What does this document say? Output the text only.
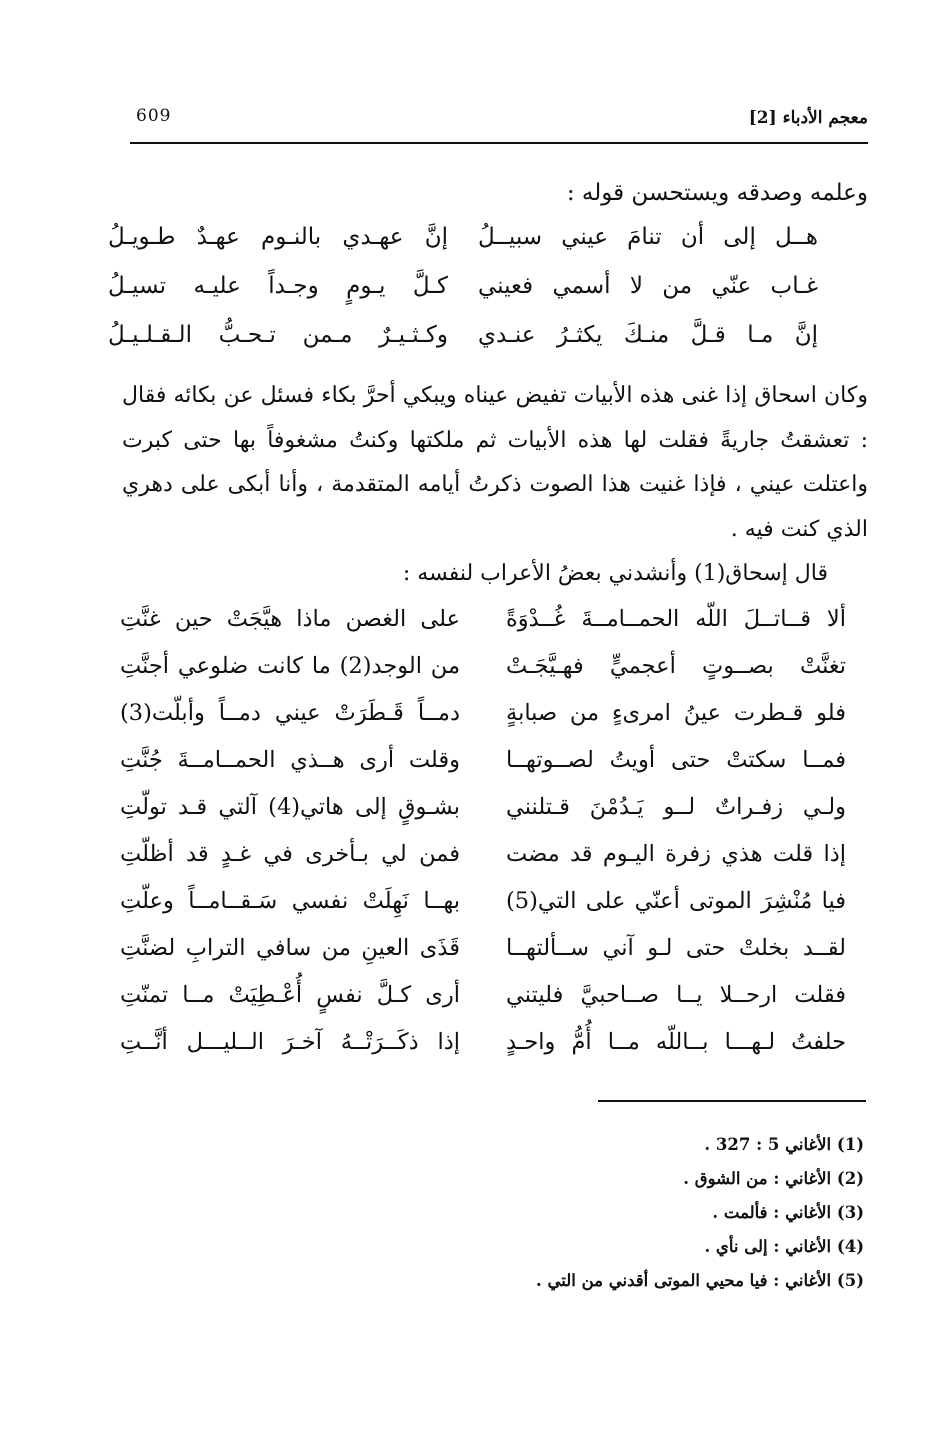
معجم الأدباء [2]
609
وعلمه وصدقه ويستحسن قوله :
هــل إلى أن تنامَ عيني سبيــلُ
إنَّ عهـدي بالنـوم عهـدٌ طـويـلُ
غـاب عنّي من لا أسمي فعيني
كـلَّ يـومٍ وجـداً عليـه تسيـلُ
إنَّ مـا قـلَّ منـكَ يكثـرُ عنـدي
وكـثـيـرٌ مـمن تـحـبُّ الـقـلـيـلُ

وكان اسحاق إذا غنى هذه الأبيات تفيض عيناه ويبكي أحرَّ بكاء فسئل عن بكائه فقال : تعشقتُ جاريةً فقلت لها هذه الأبيات ثم ملكتها وكنتُ مشغوفاً بها حتى كبرت واعتلت عيني ، فإذا غنيت هذا الصوت ذكرتُ أيامه المتقدمة ، وأنا أبكى على دهري الذي كنت فيه .

قال إسحاق(1) وأنشدني بعضُ الأعراب لنفسه :

ألا قــاتــلَ اللّه الحمــامــةَ غُــدْوَةً
على الغصن ماذا هيَّجَتْ حين غنَّتِ
تغنَّتْ بصــوتٍ أعجميٍّ فهـيَّجَـتْ
من الوجد(2) ما كانت ضلوعي أجنَّتِ
فلو قـطرت عينُ امرىءٍ من صبابةٍ
دمــاً قَـطَرَتْ عيني دمــاً وأبلّت(3)
فمــا سكتتْ حتى أويتُ لصــوتهــا
وقلت أرى هــذي الحمــامــةَ جُنَّتِ
ولـي زفـراتٌ لــو يَـدُمْنَ قـتلنني
بشـوقٍ إلى هاتي(4) آلتي قـد تولّتِ
إذا قلت هذي زفرة اليـوم قد مضت
فمن لي بـأخرى في غـدٍ قد أظلّتِ
فيا مُنْشِرَ الموتى أعنّي على التي(5)
بهــا نَهِلَتْ نفسي سَـقــامــاً وعلّتِ
لقــد بخلتْ حتى لـو آني ســألتهــا
قَذَى العينِ من سافي الترابِ لضنَّتِ
فقلت ارحــلا يــا صــاحبيَّ فليتني
أرى كـلَّ نفسٍ أُعْـطِيَتْ مــا تمنّتِ
حلفتُ لـهـــا بــاللّه مــا أُمُّ واحـدٍ
إذا ذكَــرَتْــهُ آخـرَ الــليـــل أنَّــتِ
(1) الأغاني 5 : 327 .
(2) الأغاني : من الشوق .
(3) الأغاني : فألمت .
(4) الأغاني : إلى نأي .
(5) الأغاني : فيا محيي الموتى أقدني من التي .
